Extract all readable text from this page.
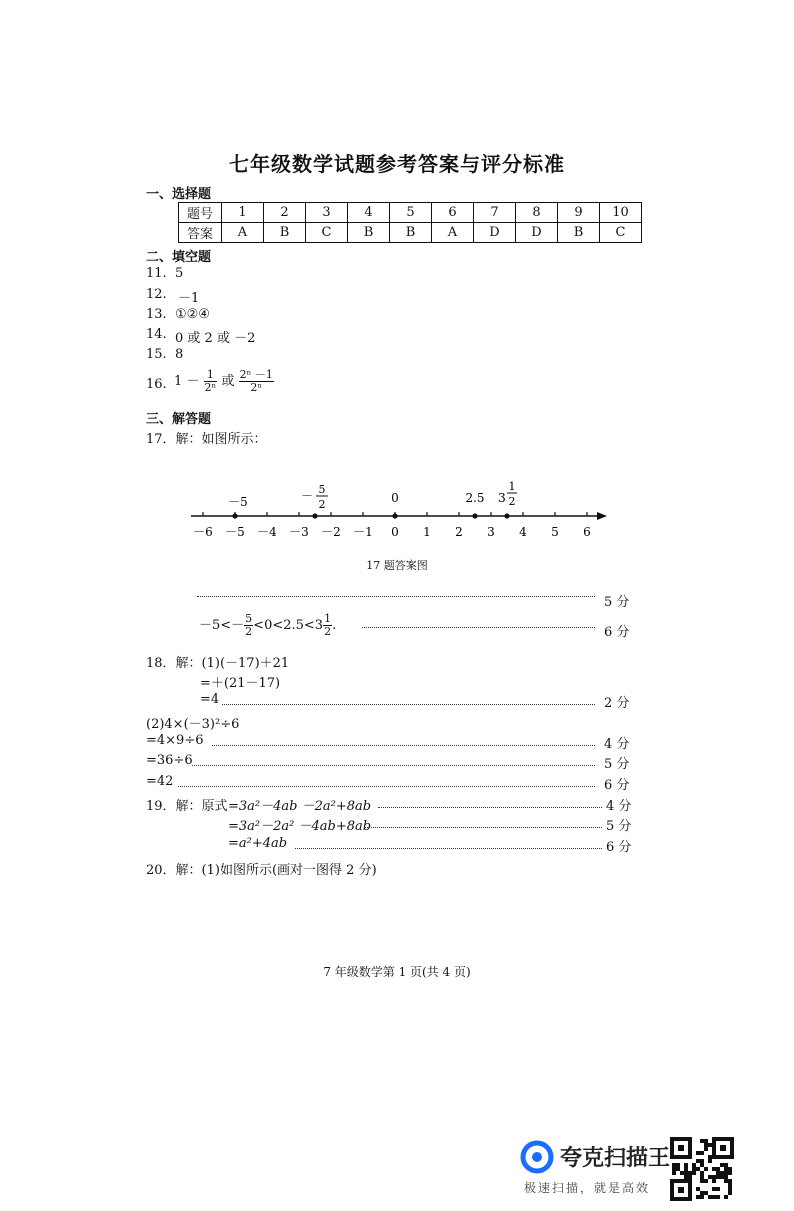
七年级数学试题参考答案与评分标准
一、选择题
题号	1	2	3	4	5	6	7	8	9	10
答案	A	B	C	B	B	A	D	D	B	C
二、填空题
11. 5
12. －1
13. ①②④
14. 0 或 2 或 －2
15. 8
16. $1 - \frac{1}{\text{2ⁿ}}$ 或 $\frac{\text{2ⁿ －1}}{\text{2ⁿ}}$
三、解答题
17．解：如图所示：
－6 －5 －4 －3 －2 －1 0 1 2 3 4 5 6
－5	－ 5
2	0	2.5 3
1
2
17 题答案图
5 分
$-5<- \frac{5}{2} <0<2.5<3 \frac{1}{2}$ .	6 分
18．解：(1)(－17)＋21
=＋(21－17)
=4	2 分
(2)4×(－3)²÷6
=4×9÷6	4 分
=36÷6	5 分
=42	6 分
19．解：原式 =3a²－4ab －2a²+8ab	4 分
=3a²－2a² －4ab+8ab	5 分
=a²+4ab	6 分
20．解：(1)如图所示(画对一图得 2 分)
7 年级数学第 1 页(共 4 页)
夸克扫描王
极速扫描，就是高效
